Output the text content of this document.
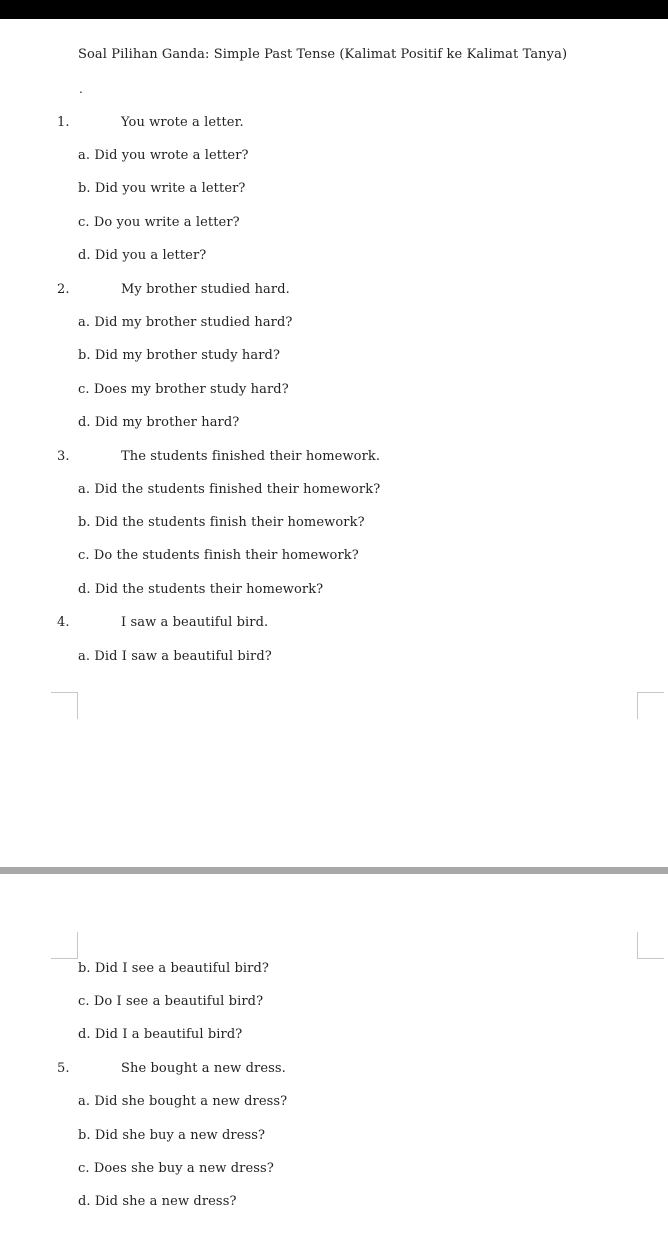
Soal Pilihan Ganda: Simple Past Tense (Kalimat Positif ke Kalimat Tanya)
.
1.	You wrote a letter.
a. Did you wrote a letter?
b. Did you write a letter?
c. Do you write a letter?
d. Did you a letter?
2.	My brother studied hard.
a. Did my brother studied hard?
b. Did my brother study hard?
c. Does my brother study hard?
d. Did my brother hard?
3.	The students finished their homework.
a. Did the students finished their homework?
b. Did the students finish their homework?
c. Do the students finish their homework?
d. Did the students their homework?
4.	I saw a beautiful bird.
a. Did I saw a beautiful bird?
b. Did I see a beautiful bird?
c. Do I see a beautiful bird?
d. Did I a beautiful bird?
5.	She bought a new dress.
a. Did she bought a new dress?
b. Did she buy a new dress?
c. Does she buy a new dress?
d. Did she a new dress?
